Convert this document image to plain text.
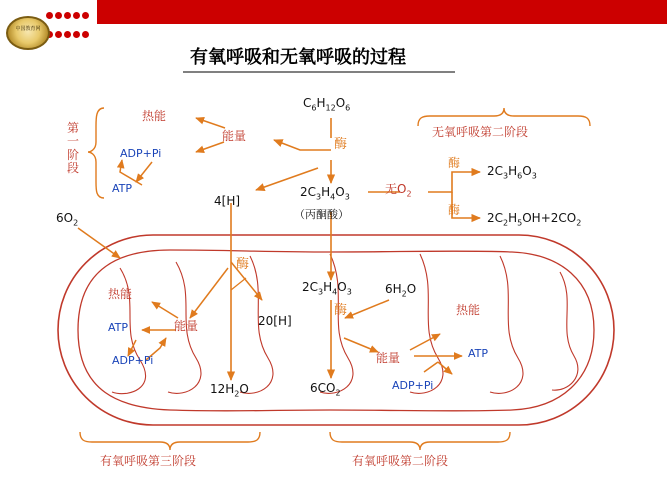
中国教育网
有氧呼吸和无氧呼吸的过程
$C_6H_{12}O_6$
酶
能量
热能
ADP+Pi
ATP
第一阶段
4[H]
$2C_3H_4O_3$
（丙酮酸）
无$O_2$
酶
$2C_3H_6O_3$
酶
$2C_2H_5OH+2CO_2$
无氧呼吸第二阶段
$6O_2$
酶
热能
能量
ATP
ADP+Pi
20[H]
$12H_2O$
$2C_3H_4O_3$
酶
$6H_2O$
$6CO_2$
能量
热能
ATP
ADP+Pi
有氧呼吸第三阶段	有氧呼吸第二阶段
